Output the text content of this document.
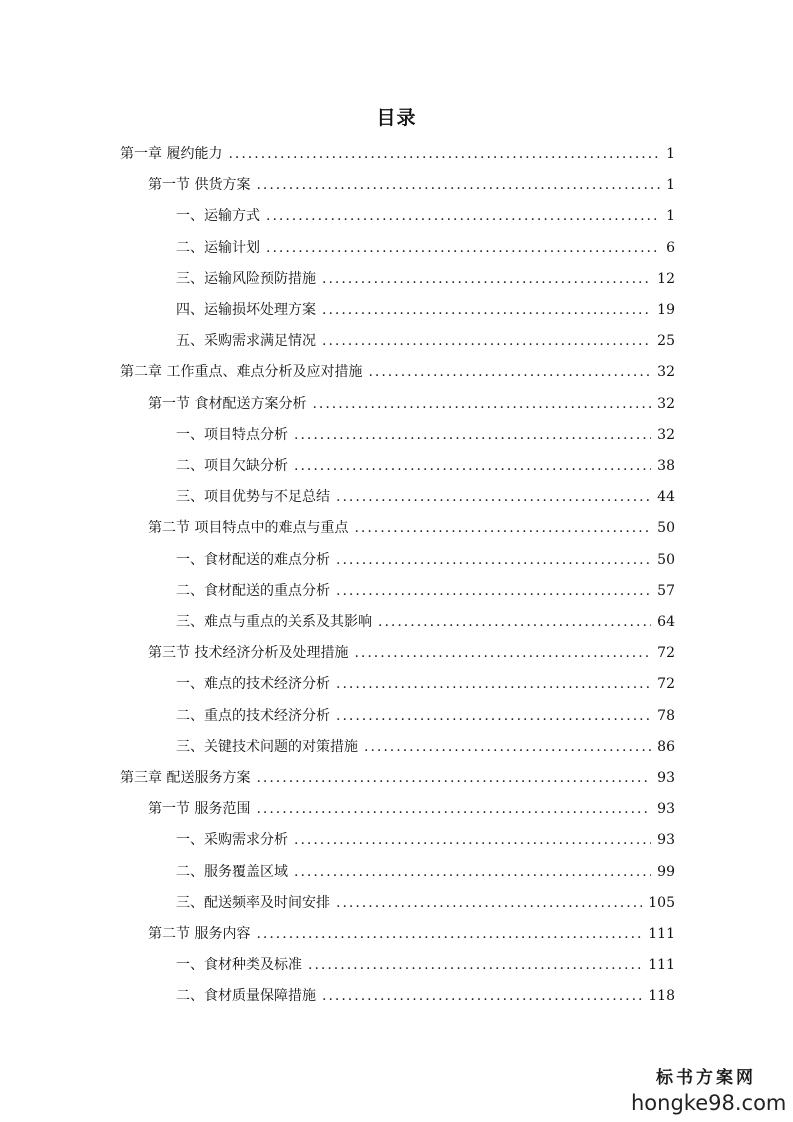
目录
第一章 履约能力 .....	1
第一节 供货方案 .....	1
一、运输方式 .....	1
二、运输计划 .....	6
三、运输风险预防措施 .....	12
四、运输损坏处理方案 .....	19
五、采购需求满足情况 .....	25
第二章 工作重点、难点分析及应对措施 .....	32
第一节 食材配送方案分析 .....	32
一、项目特点分析 .....	32
二、项目欠缺分析 .....	38
三、项目优势与不足总结 .....	44
第二节 项目特点中的难点与重点 .....	50
一、食材配送的难点分析 .....	50
二、食材配送的重点分析 .....	57
三、难点与重点的关系及其影响 .....	64
第三节 技术经济分析及处理措施 .....	72
一、难点的技术经济分析 .....	72
二、重点的技术经济分析 .....	78
三、关键技术问题的对策措施 .....	86
第三章 配送服务方案 .....	93
第一节 服务范围 .....	93
一、采购需求分析 .....	93
二、服务覆盖区域 .....	99
三、配送频率及时间安排 .....	105
第二节 服务内容 .....	111
一、食材种类及标准 .....	111
二、食材质量保障措施 .....	118
标书方案网
hongke98.com
